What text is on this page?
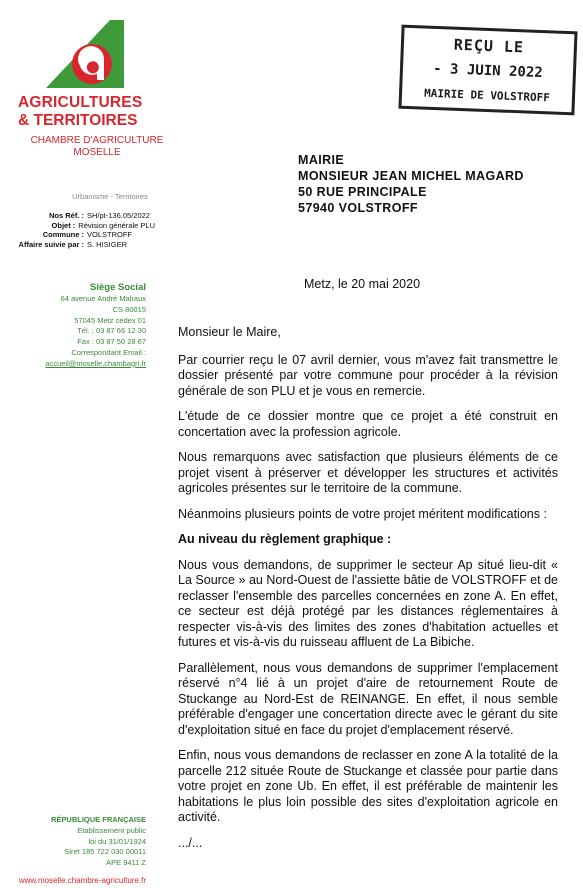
AGRICULTURES
& TERRITOIRES
CHAMBRE D'AGRICULTURE
MOSELLE
REÇU LE
- 3 JUIN 2022
MAIRIE DE VOLSTROFF
MAIRIE
MONSIEUR JEAN MICHEL MAGARD
50 RUE PRINCIPALE
57940 VOLSTROFF
Urbanisme - Territoires
Nos Réf. : SH/pt-136.05/2022
Objet : Révision générale PLU
Commune : VOLSTROFF
Affaire suivie par : S. HISIGER
Siège Social
64 avenue André Malraux
CS 80015
57045 Metz cedex 01
Tél. : 03 87 66 12 30
Fax : 03 87 50 28 67
Correspondant Email :
accueil@moselle.chambagri.fr
RÉPUBLIQUE FRANÇAISE
Etablissement public
loi du 31/01/1924
Siret 185 722 030 00011
APE 9411 Z
www.moselle.chambre-agriculture.fr
Metz, le 20 mai 2020

Monsieur le Maire,

Par courrier reçu le 07 avril dernier, vous m'avez fait transmettre le dossier présenté par votre commune pour procéder à la révision générale de son PLU et je vous en remercie.

L'étude de ce dossier montre que ce projet a été construit en concertation avec la profession agricole.

Nous remarquons avec satisfaction que plusieurs éléments de ce projet visent à préserver et développer les structures et activités agricoles présentes sur le territoire de la commune.

Néanmoins plusieurs points de votre projet méritent modifications :

Au niveau du règlement graphique :

Nous vous demandons, de supprimer le secteur Ap situé lieu-dit « La Source » au Nord-Ouest de l'assiette bâtie de VOLSTROFF et de reclasser l'ensemble des parcelles concernées en zone A. En effet, ce secteur est déjà protégé par les distances réglementaires à respecter vis-à-vis des limites des zones d'habitation actuelles et futures et vis-à-vis du ruisseau affluent de La Bibiche.

Parallèlement, nous vous demandons de supprimer l'emplacement réservé n°4 lié à un projet d'aire de retournement Route de Stuckange au Nord-Est de REINANGE. En effet, il nous semble préférable d'engager une concertation directe avec le gérant du site d'exploitation situé en face du projet d'emplacement réservé.

Enfin, nous vous demandons de reclasser en zone A la totalité de la parcelle 212 située Route de Stuckange et classée pour partie dans votre projet en zone Ub. En effet, il est préférable de maintenir les habitations le plus loin possible des sites d'exploitation agricole en activité.

.../...
